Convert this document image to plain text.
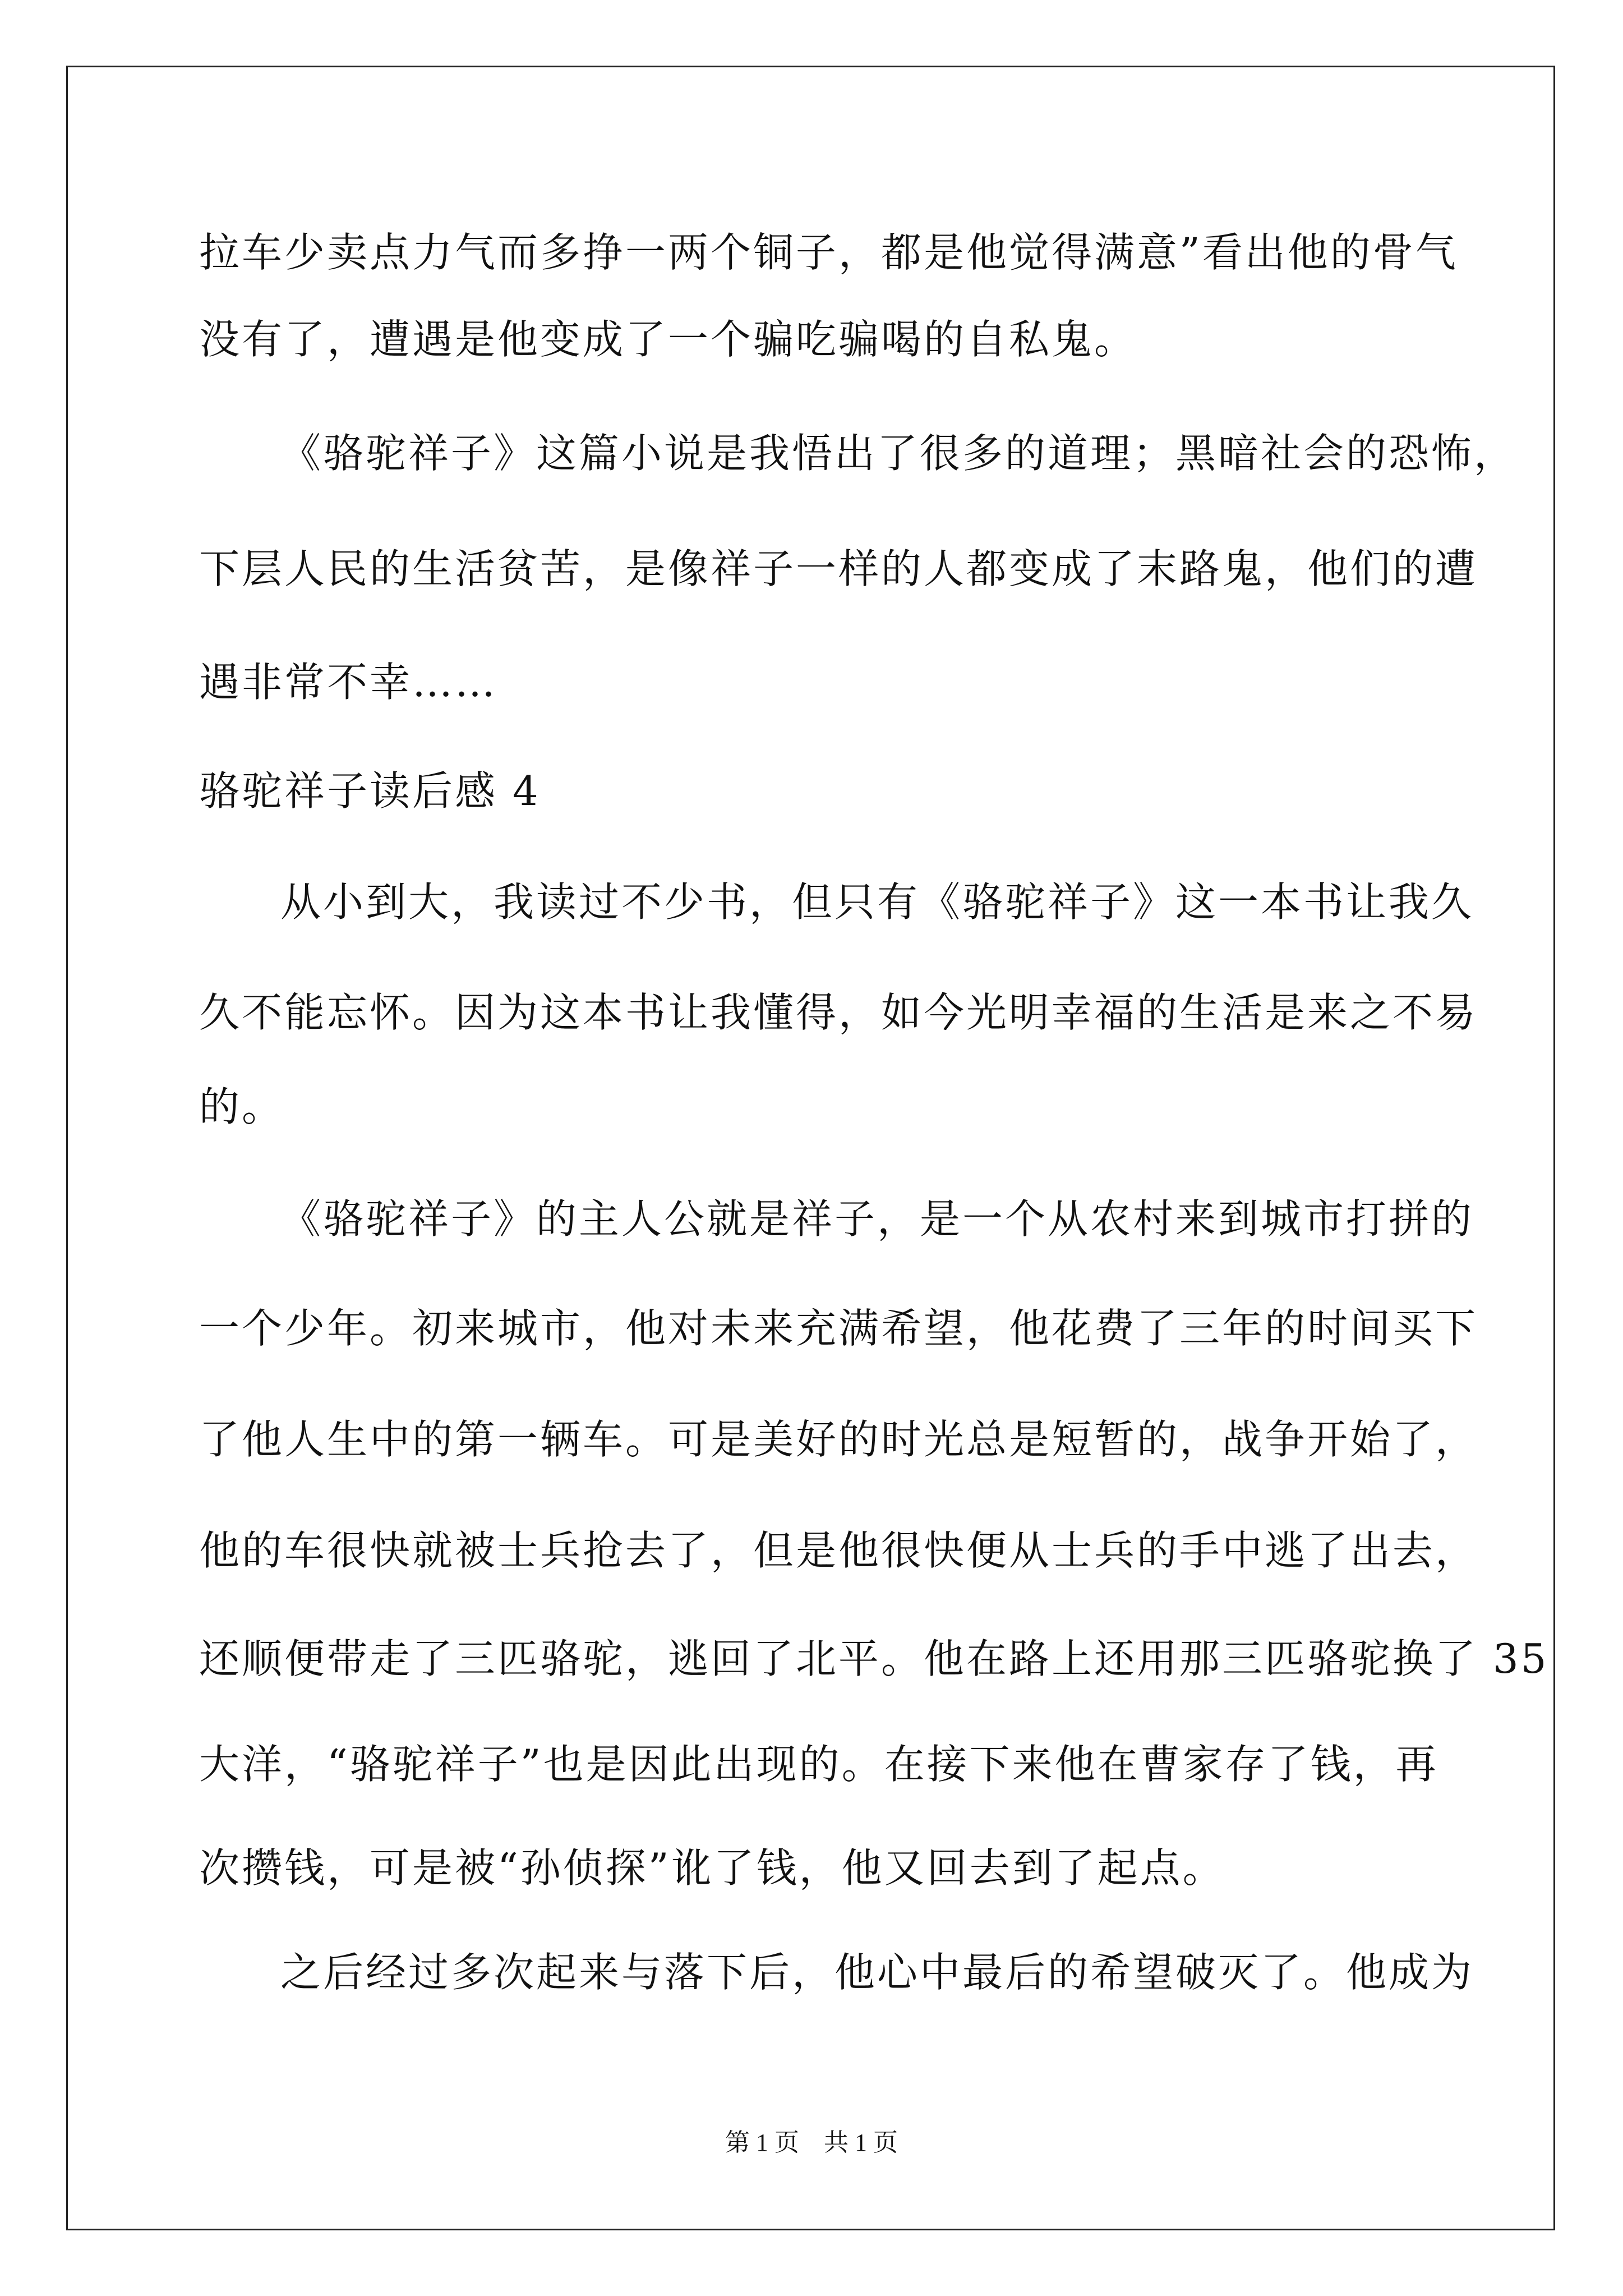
拉车少卖点力气而多挣一两个铜子，都是他觉得满意”看出他的骨气
没有了，遭遇是他变成了一个骗吃骗喝的自私鬼。
《骆驼祥子》这篇小说是我悟出了很多的道理；黑暗社会的恐怖，
下层人民的生活贫苦，是像祥子一样的人都变成了末路鬼，他们的遭
遇非常不幸……
骆驼祥子读后感 4
从小到大，我读过不少书，但只有《骆驼祥子》这一本书让我久
久不能忘怀。因为这本书让我懂得，如今光明幸福的生活是来之不易
的。
《骆驼祥子》的主人公就是祥子，是一个从农村来到城市打拼的
一个少年。初来城市，他对未来充满希望，他花费了三年的时间买下
了他人生中的第一辆车。可是美好的时光总是短暂的，战争开始了，
他的车很快就被士兵抢去了，但是他很快便从士兵的手中逃了出去，
还顺便带走了三匹骆驼，逃回了北平。他在路上还用那三匹骆驼换了 35
大洋，“骆驼祥子”也是因此出现的。在接下来他在曹家存了钱，再
次攒钱，可是被“孙侦探”讹了钱，他又回去到了起点。
之后经过多次起来与落下后，他心中最后的希望破灭了。他成为
第 1 页    共 1 页
